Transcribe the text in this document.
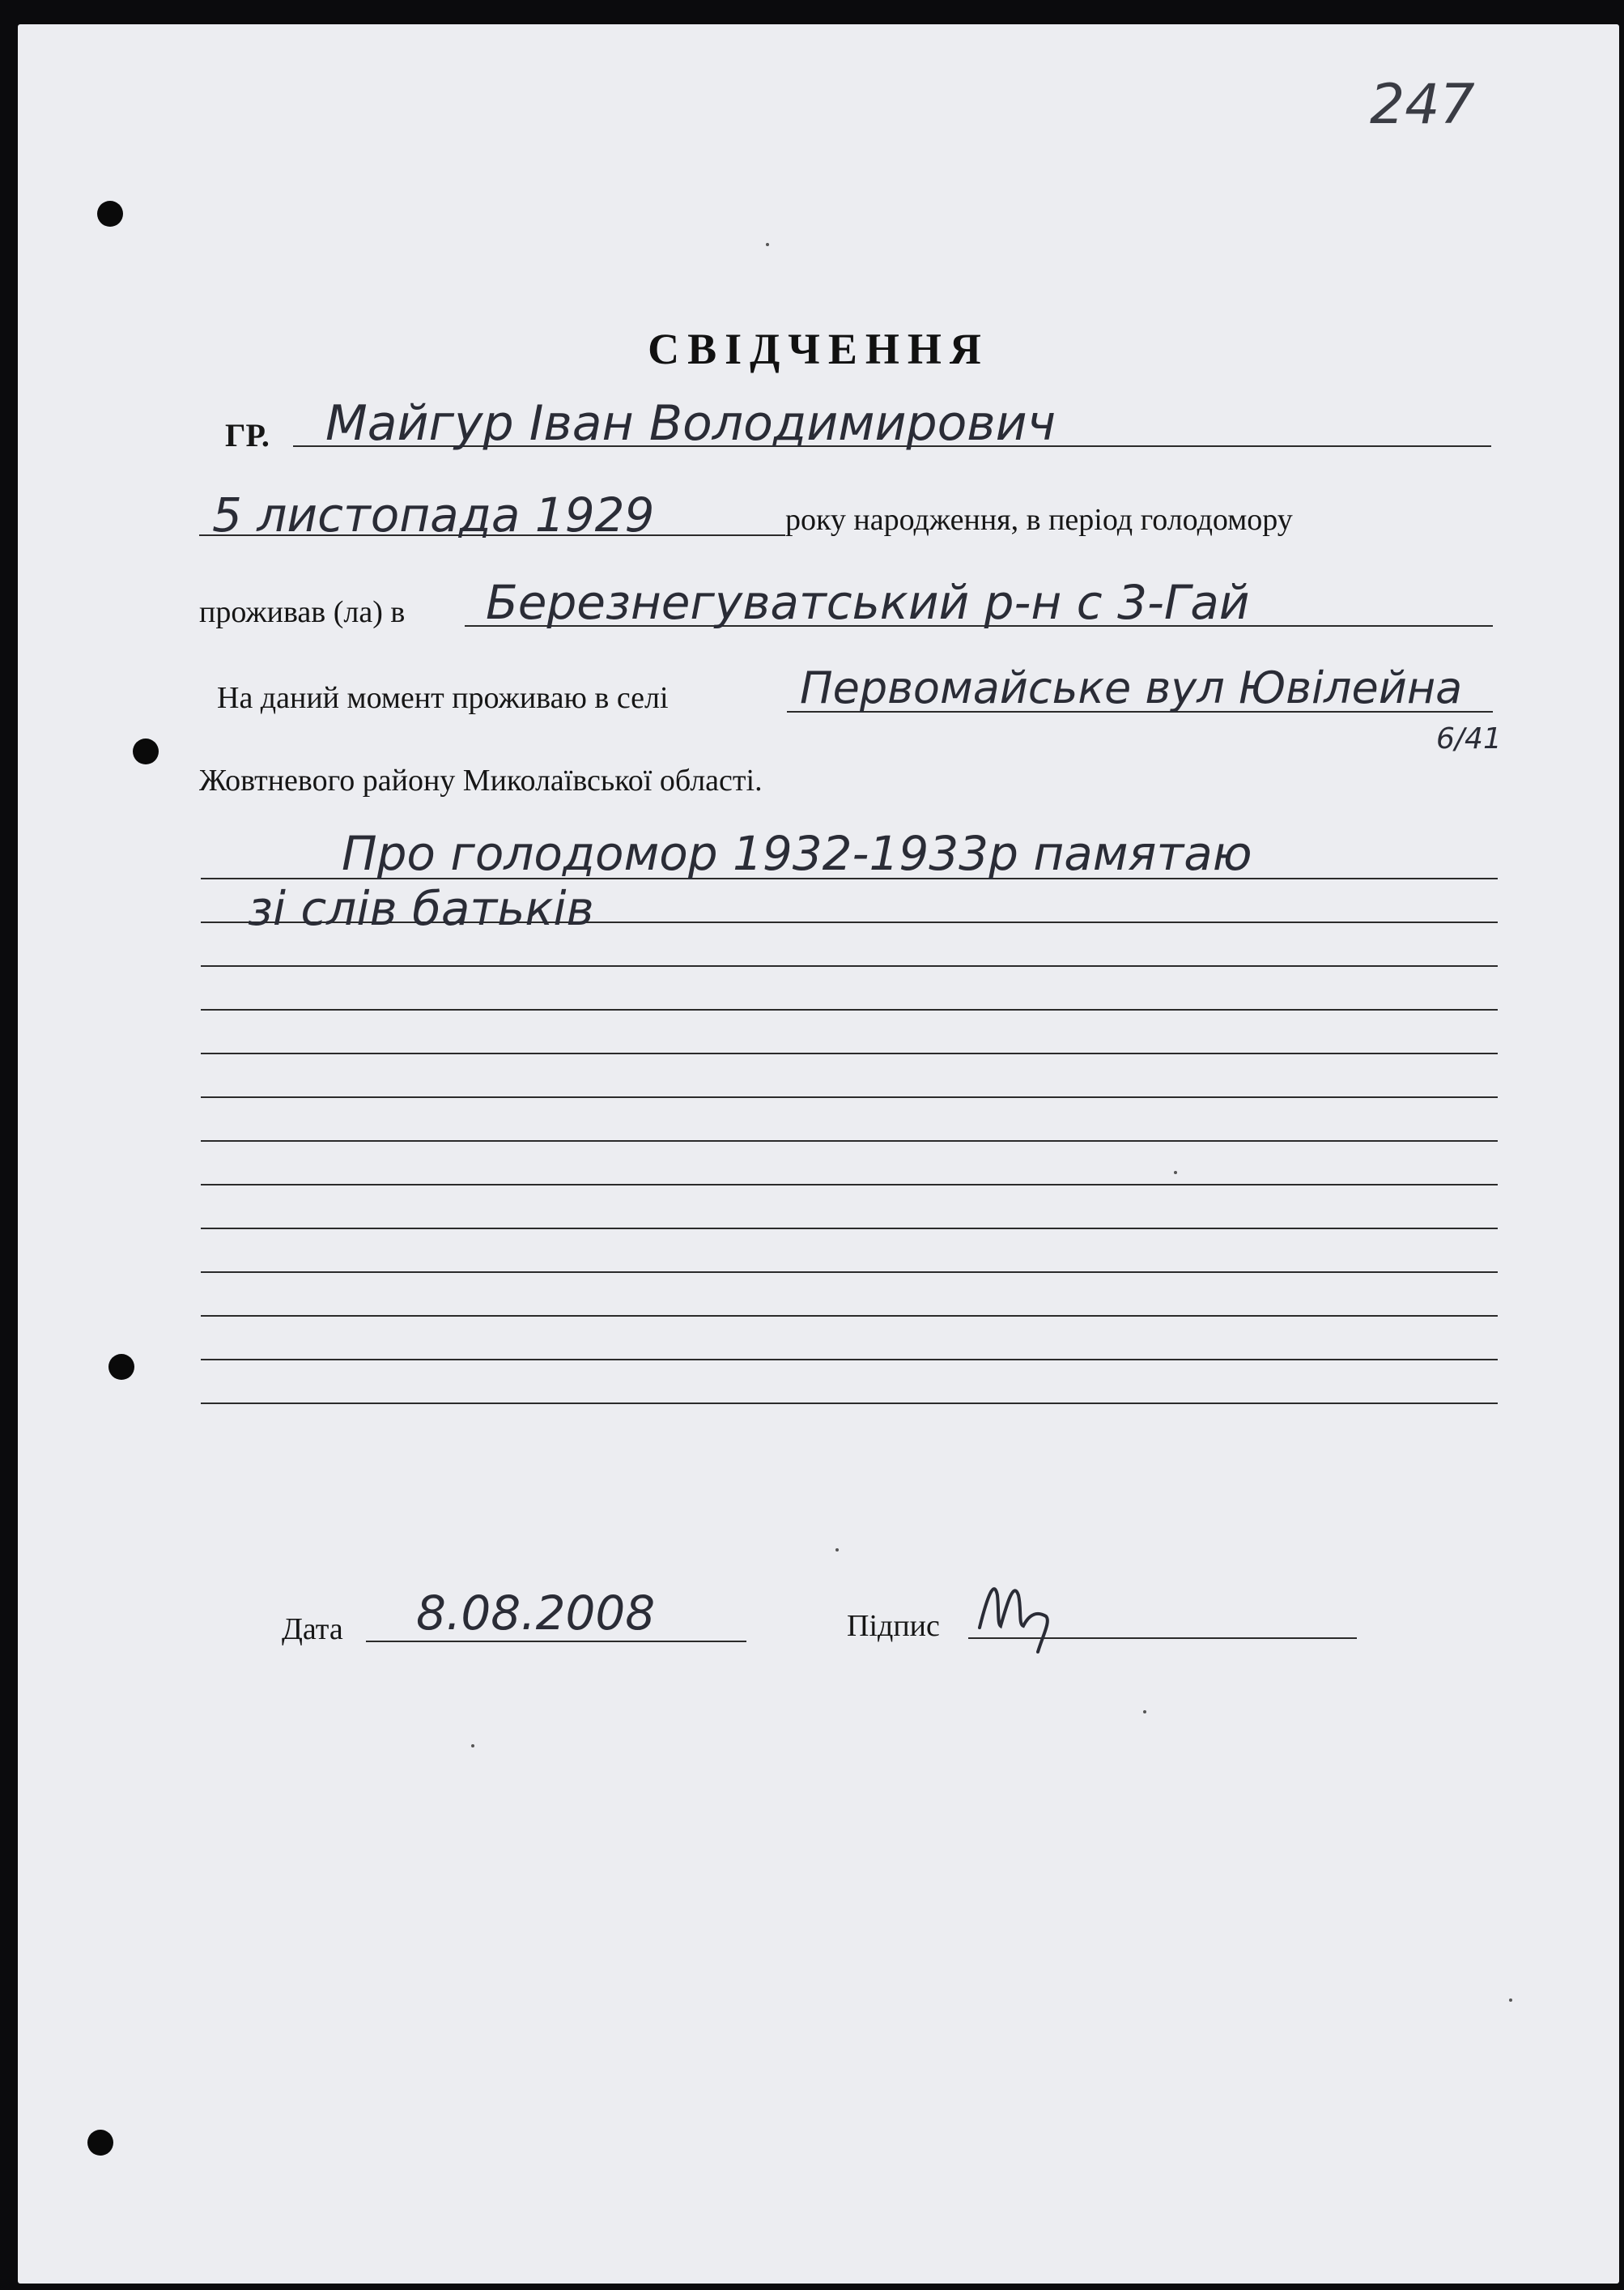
247
СВІДЧЕННЯ
ГР. Майгур Іван Володимирович
5 листопада 1929	року народження, в період голодомору
проживав (ла) в Березнегуватський р-н с 3-Гай
На даний момент проживаю в селі	Первомайське вул Ювілейна
6/41
Жовтневого району Миколаївської області.
Про голодомор 1932-1933р памятаю
зі слів батьків
Дата 8.08.2008	Підпис
